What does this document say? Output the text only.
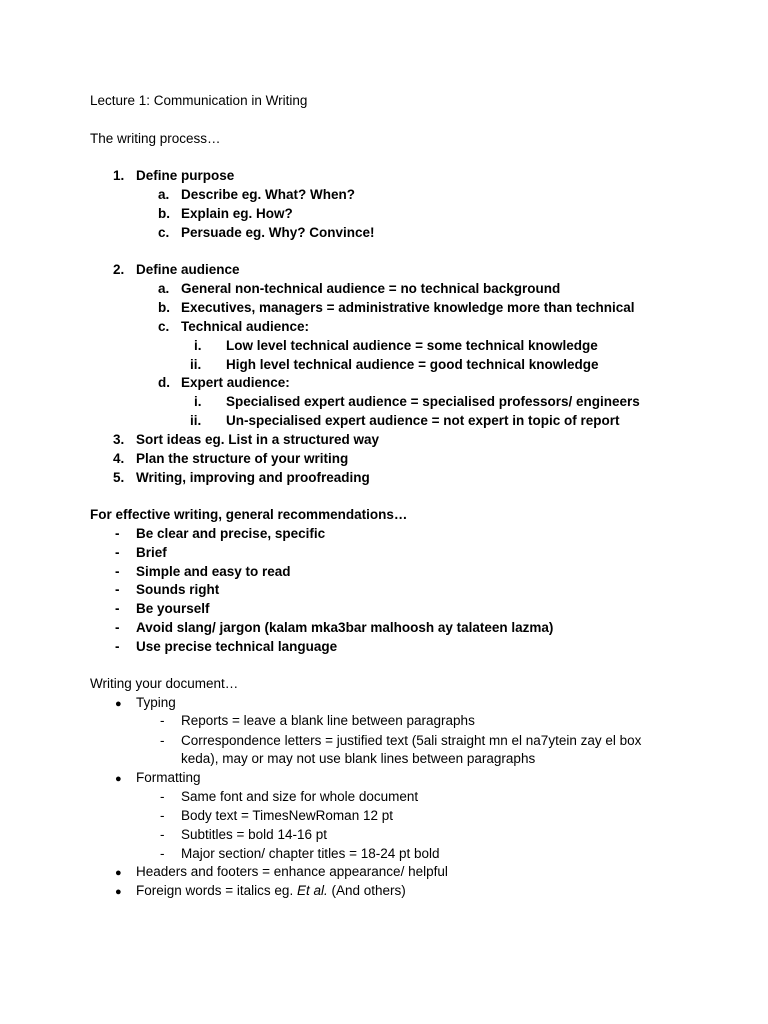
Lecture 1: Communication in Writing
The writing process…
1. Define purpose
a. Describe eg. What? When?
b. Explain eg. How?
c. Persuade eg. Why? Convince!
2. Define audience
a. General non-technical audience = no technical background
b. Executives, managers = administrative knowledge more than technical
c. Technical audience:
i. Low level technical audience = some technical knowledge
ii. High level technical audience = good technical knowledge
d. Expert audience:
i. Specialised expert audience = specialised professors/ engineers
ii. Un-specialised expert audience = not expert in topic of report
3. Sort ideas eg. List in a structured way
4. Plan the structure of your writing
5. Writing, improving and proofreading
For effective writing, general recommendations…
- Be clear and precise, specific
- Brief
- Simple and easy to read
- Sounds right
- Be yourself
- Avoid slang/ jargon (kalam mka3bar malhoosh ay talateen lazma)
- Use precise technical language
Writing your document…
● Typing
- Reports = leave a blank line between paragraphs
- Correspondence letters = justified text (5ali straight mn el na7ytein zay el box
keda), may or may not use blank lines between paragraphs
● Formatting
- Same font and size for whole document
- Body text = TimesNewRoman 12 pt
- Subtitles = bold 14-16 pt
- Major section/ chapter titles = 18-24 pt bold
● Headers and footers = enhance appearance/ helpful
● Foreign words = italics eg. Et al. (And others)
